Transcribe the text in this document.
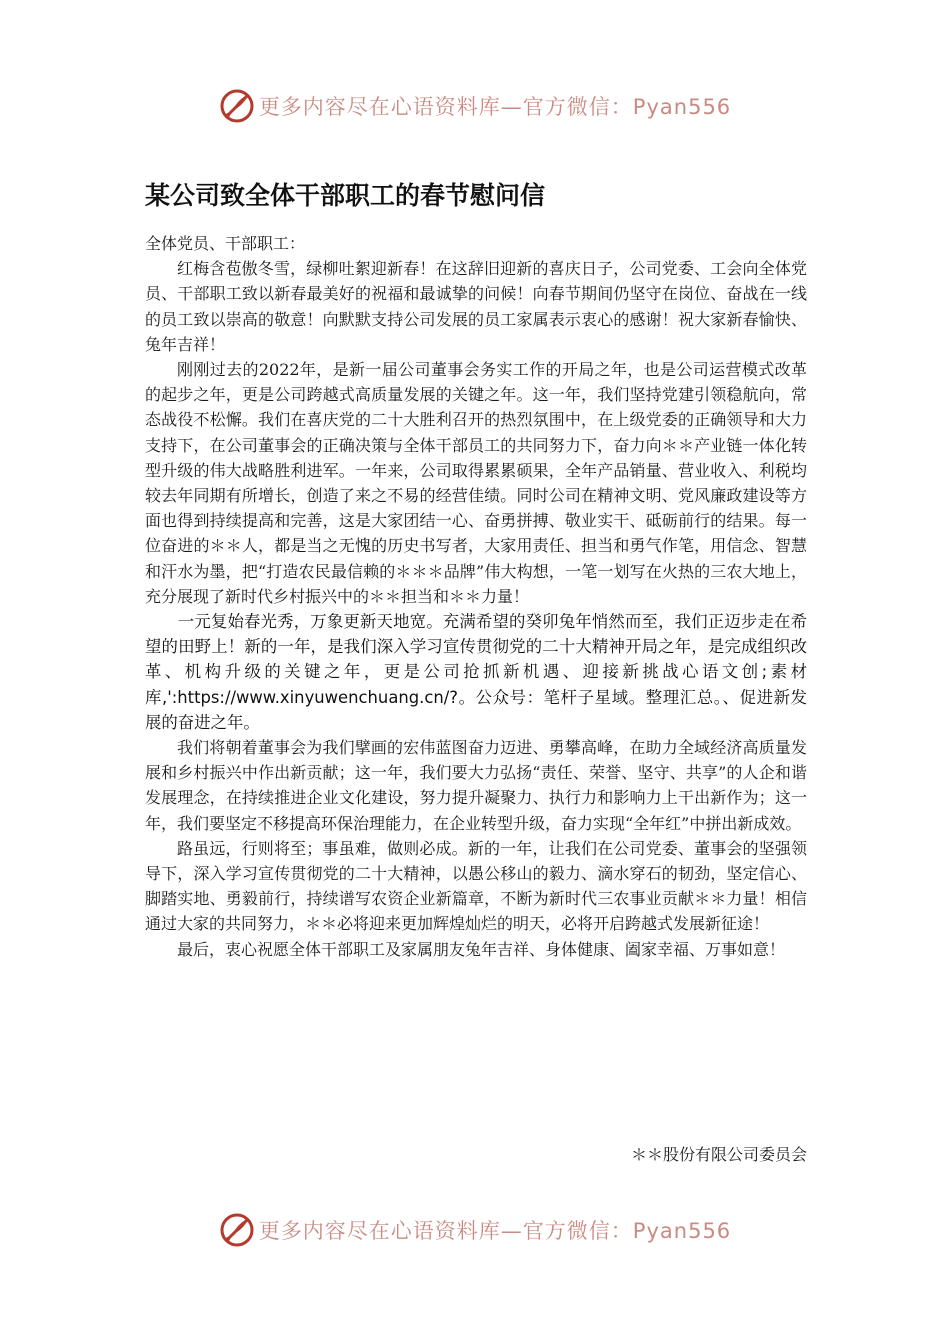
更多内容尽在心语资料库—官方微信：Pyan556
某公司致全体干部职工的春节慰问信

全体党员、干部职工：

红梅含苞傲冬雪，绿柳吐絮迎新春！在这辞旧迎新的喜庆日子，公司党委、工会向全体党员、干部职工致以新春最美好的祝福和最诚挚的问候！向春节期间仍坚守在岗位、奋战在一线的员工致以崇高的敬意！向默默支持公司发展的员工家属表示衷心的感谢！祝大家新春愉快、兔年吉祥！

刚刚过去的2022年，是新一届公司董事会务实工作的开局之年，也是公司运营模式改革的起步之年，更是公司跨越式高质量发展的关键之年。这一年，我们坚持党建引领稳航向，常态战役不松懈。我们在喜庆党的二十大胜利召开的热烈氛围中，在上级党委的正确领导和大力支持下，在公司董事会的正确决策与全体干部员工的共同努力下，奋力向＊＊产业链一体化转型升级的伟大战略胜利进军。一年来，公司取得累累硕果，全年产品销量、营业收入、利税均较去年同期有所增长，创造了来之不易的经营佳绩。同时公司在精神文明、党风廉政建设等方面也得到持续提高和完善，这是大家团结一心、奋勇拼搏、敬业实干、砥砺前行的结果。每一位奋进的＊＊人，都是当之无愧的历史书写者，大家用责任、担当和勇气作笔，用信念、智慧和汗水为墨，把“打造农民最信赖的＊＊＊品牌”伟大构想，一笔一划写在火热的三农大地上，充分展现了新时代乡村振兴中的＊＊担当和＊＊力量！

一元复始春光秀，万象更新天地宽。充满希望的癸卯兔年悄然而至，我们正迈步走在希望的田野上！新的一年，是我们深入学习宣传贯彻党的二十大精神开局之年，是完成组织改革、机构升级的关键之年，更是公司抢抓新机遇、迎接新挑战心语文创;素材库,':https://www.xinyuwenchuang.cn/?。公众号：笔杆子星域。整理汇总。、促进新发展的奋进之年。

我们将朝着董事会为我们擘画的宏伟蓝图奋力迈进、勇攀高峰，在助力全域经济高质量发展和乡村振兴中作出新贡献；这一年，我们要大力弘扬“责任、荣誉、坚守、共享”的人企和谐发展理念，在持续推进企业文化建设，努力提升凝聚力、执行力和影响力上干出新作为；这一年，我们要坚定不移提高环保治理能力，在企业转型升级，奋力实现“全年红”中拼出新成效。

路虽远，行则将至；事虽难，做则必成。新的一年，让我们在公司党委、董事会的坚强领导下，深入学习宣传贯彻党的二十大精神，以愚公移山的毅力、滴水穿石的韧劲，坚定信心、脚踏实地、勇毅前行，持续谱写农资企业新篇章，不断为新时代三农事业贡献＊＊力量！相信通过大家的共同努力，＊＊必将迎来更加辉煌灿烂的明天，必将开启跨越式发展新征途！

最后，衷心祝愿全体干部职工及家属朋友兔年吉祥、身体健康、阖家幸福、万事如意！

＊＊股份有限公司委员会
更多内容尽在心语资料库—官方微信：Pyan556
